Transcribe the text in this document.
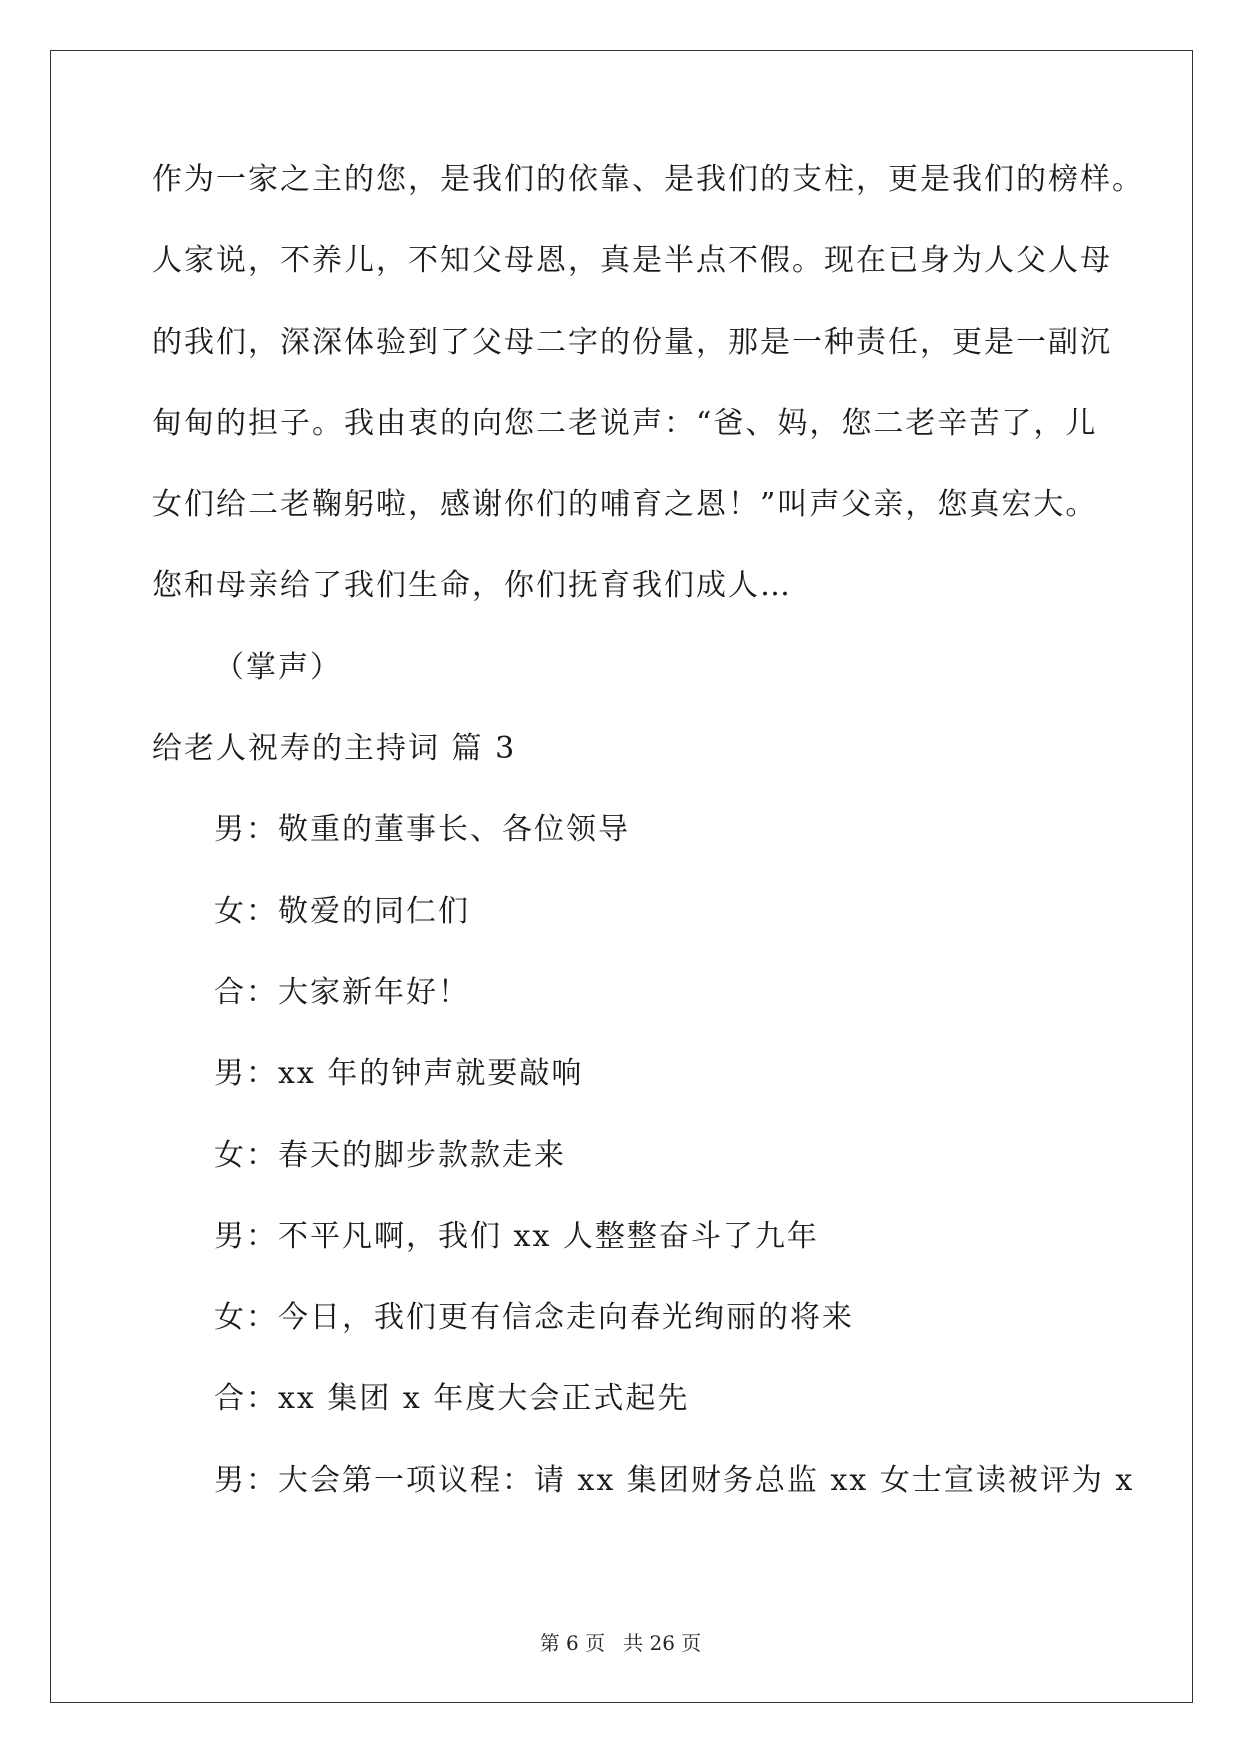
作为一家之主的您，是我们的依靠、是我们的支柱，更是我们的榜样。
人家说，不养儿，不知父母恩，真是半点不假。现在已身为人父人母
的我们，深深体验到了父母二字的份量，那是一种责任，更是一副沉
甸甸的担子。我由衷的向您二老说声：“爸、妈，您二老辛苦了，儿
女们给二老鞠躬啦，感谢你们的哺育之恩！”叫声父亲，您真宏大。
您和母亲给了我们生命，你们抚育我们成人…
（掌声）
给老人祝寿的主持词 篇 3
男：敬重的董事长、各位领导
女：敬爱的同仁们
合：大家新年好！
男：xx 年的钟声就要敲响
女：春天的脚步款款走来
男：不平凡啊，我们 xx 人整整奋斗了九年
女：今日，我们更有信念走向春光绚丽的将来
合：xx 集团 x 年度大会正式起先
男：大会第一项议程：请 xx 集团财务总监 xx 女士宣读被评为 x
第 6 页 共 26 页
